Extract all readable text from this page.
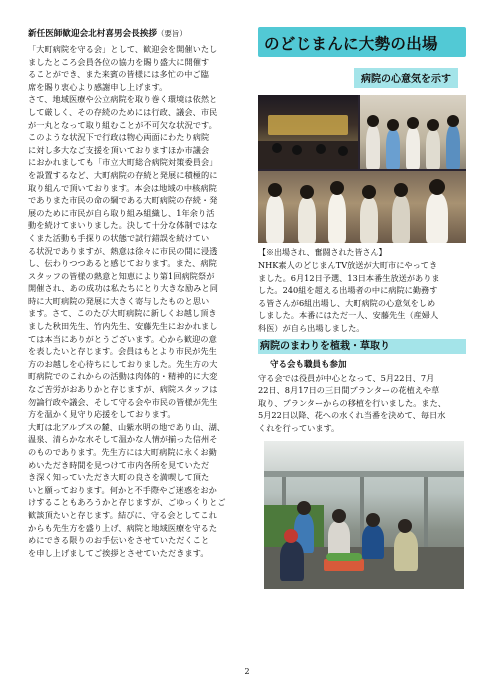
新任医師歓迎会北村喜男会長挨拶（要旨）

「大町病院を守る会」として、歓迎会を開催いたし

ましたところ会員各位の協力を賜り盛大に開催す

ることができ、また来賓の皆様には多忙の中ご臨

席を賜り衷心より感謝申し上げます。

さて、地域医療や公立病院を取り巻く環境は依然と

して厳しく、その存続のためには行政、議会、市民

が一丸となって取り組むことが不可欠な状況です。

このような状況下で行政は物心両面にわたり病院

に対し多大なご支援を頂いておりますほか市議会

におかれましても「市立大町総合病院対策委員会」

を設置するなど、大町病院の存続と発展に積極的に

取り組んで頂いております。本会は地域の中核病院

でありまた市民の命の綱である大町病院の存続・発

展のために市民が自ら取り組み組織し、1年余り活

動を続けてまいりました。決して十分な体制ではな

くまた活動も手探りの状態で試行錯誤を続けてい

る状況でありますが、熱意は徐々に市民の間に浸透

し、伝わりつつあると感じております。また、病院

スタッフの皆様の熱意と知恵により第1回病院祭が

開催され、あの成功は私たちにとり大きな励みと同

時に大町病院の発展に大きく寄与したものと思い

ます。さて、このたび大町病院に新しくお越し頂き

ました秋田先生、竹内先生、安藤先生におかれまし

ては本当にありがとうございます。心から歓迎の意

を表したいと存じます。会員はもとより市民が先生

方のお越しを心待ちにしておりました。先生方の大

町病院でのこれからの活動は肉体的・精神的に大変

なご苦労がおありかと存じますが、病院スタッフは

勿論行政や議会、そして守る会や市民の皆様が先生

方を温かく見守り応援をしております。

大町は北アルプスの麓、山紫水明の地であり山、湖、

温泉、清らかな水そして温かな人情が揃った信州そ

のものであります。先生方には大町病院に永くお勤

めいただき時間を見つけて市内各所を見ていただ

き深く知っていただき大町の良さを満喫して頂た

いと願っております。何かと不手際やご迷惑をおか

けすることもあろうかと存じますが、ごゆっくりとご

歓談頂たいと存じます。結びに、守る会としてこれ

からも先生方を盛り上げ、病院と地域医療を守るた

めにできる限りのお手伝いをさせていただくこと

を申し上げましてご挨拶とさせていただきます。

のどじまんに大勢の出場
病院の心意気を示す
【※出場され、奮闘された皆さん】

NHK素人のどじまんTV放送が大町市にやってき

ました。6月12日予選、13日本番生放送がありま

した。240組を超える出場者の中に病院に勤務す

る皆さんが6組出場し、大町病院の心意気をしめ

しました。本番にはただ一人、安藤先生（産婦人

科医）が自ら出場しました。

病院のまわりを植栽・草取り
守る会も職員も参加

守る会では役員が中心となって、5月22日、7月

22日、8月17日の三日間プランターの花植えや草

取り、プランターからの移植を行いました。また、

5月22日以降、花への水くれ当番を決めて、毎日水

くれを行っています。

2
